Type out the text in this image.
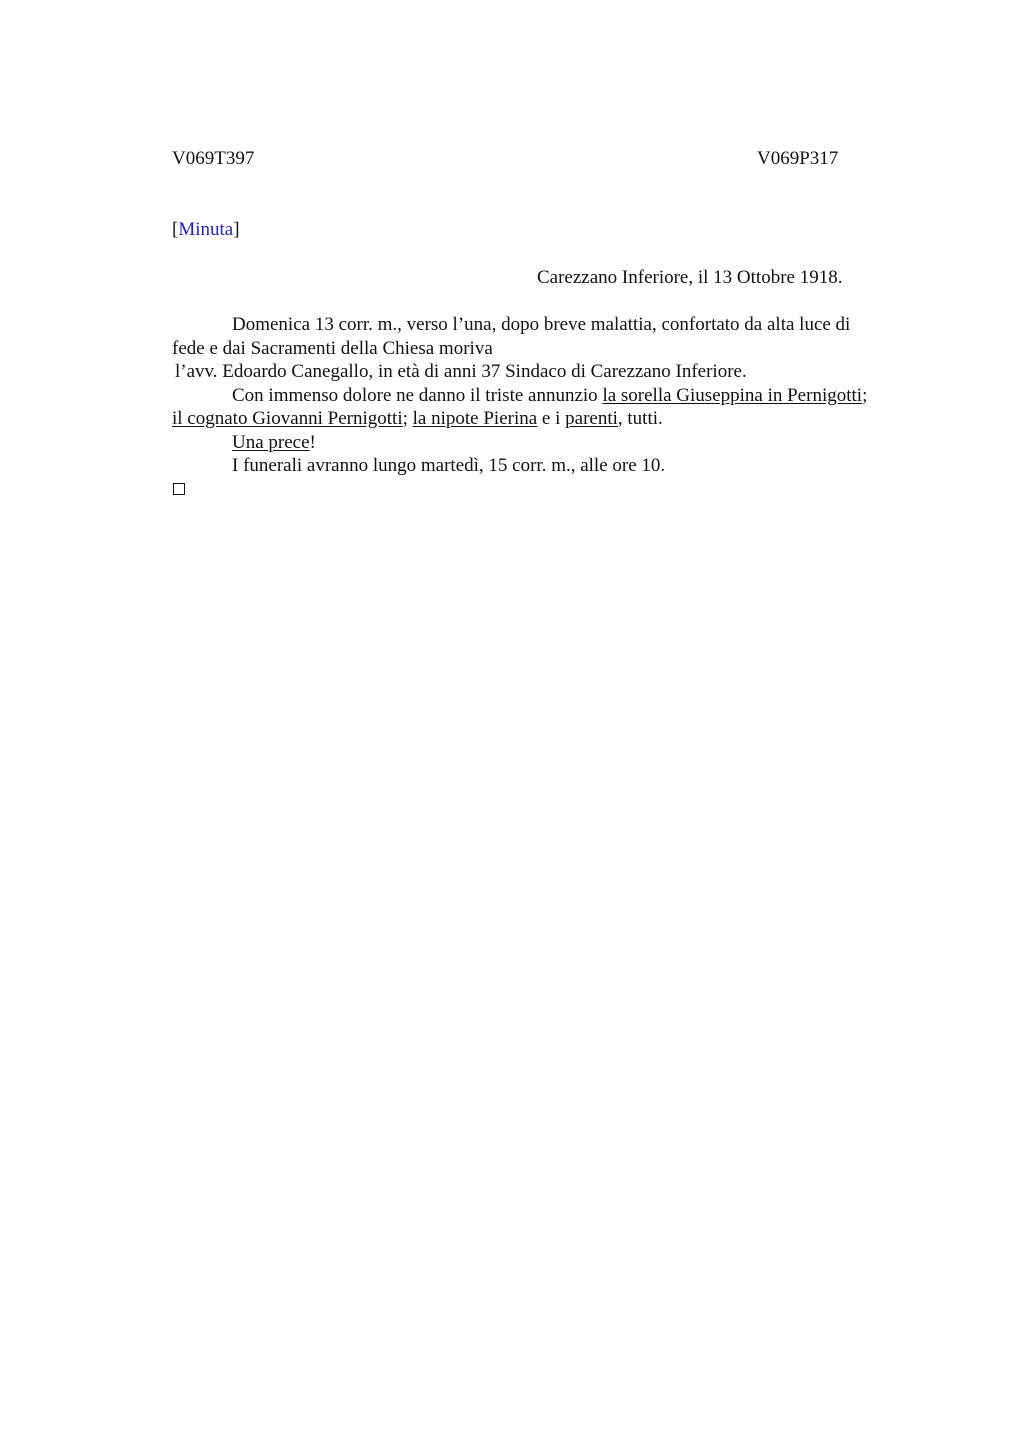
V069T397	V069P317
[Minuta]
Carezzano Inferiore, il 13 Ottobre 1918.
Domenica 13 corr. m., verso l’una, dopo breve malattia, confortato da alta luce di
fede e dai Sacramenti della Chiesa moriva
l’avv. Edoardo Canegallo, in età di anni 37 Sindaco di Carezzano Inferiore.
Con immenso dolore ne danno il triste annunzio la sorella Giuseppina in Pernigotti;
il cognato Giovanni Pernigotti; la nipote Pierina e i parenti, tutti.
Una prece!
I funerali avranno lungo martedì, 15 corr. m., alle ore 10.
